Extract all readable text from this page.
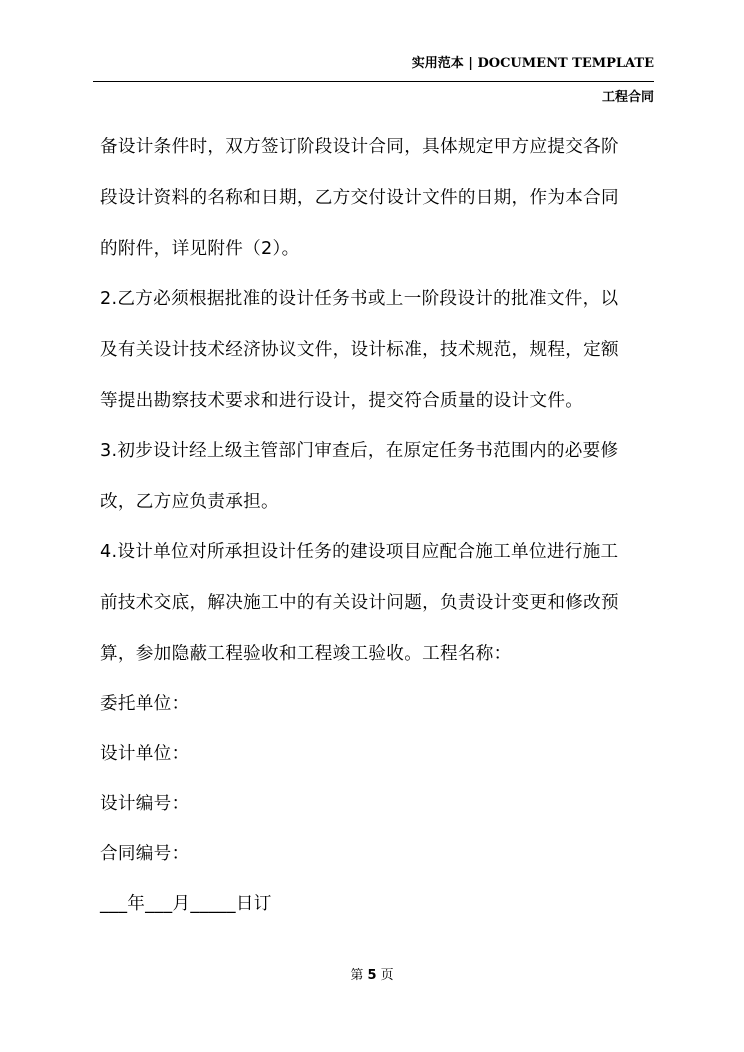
实用范本 | DOCUMENT TEMPLATE
工程合同
备设计条件时，双方签订阶段设计合同，具体规定甲方应提交各阶
段设计资料的名称和日期，乙方交付设计文件的日期，作为本合同
的附件，详见附件（2）。
2.乙方必须根据批准的设计任务书或上一阶段设计的批准文件，以
及有关设计技术经济协议文件，设计标准，技术规范，规程，定额
等提出勘察技术要求和进行设计，提交符合质量的设计文件。
3.初步设计经上级主管部门审查后，在原定任务书范围内的必要修
改，乙方应负责承担。
4.设计单位对所承担设计任务的建设项目应配合施工单位进行施工
前技术交底，解决施工中的有关设计问题，负责设计变更和修改预
算，参加隐蔽工程验收和工程竣工验收。工程名称：
委托单位：
设计单位：
设计编号：
合同编号：
___年___月_____日订
第 5 页
